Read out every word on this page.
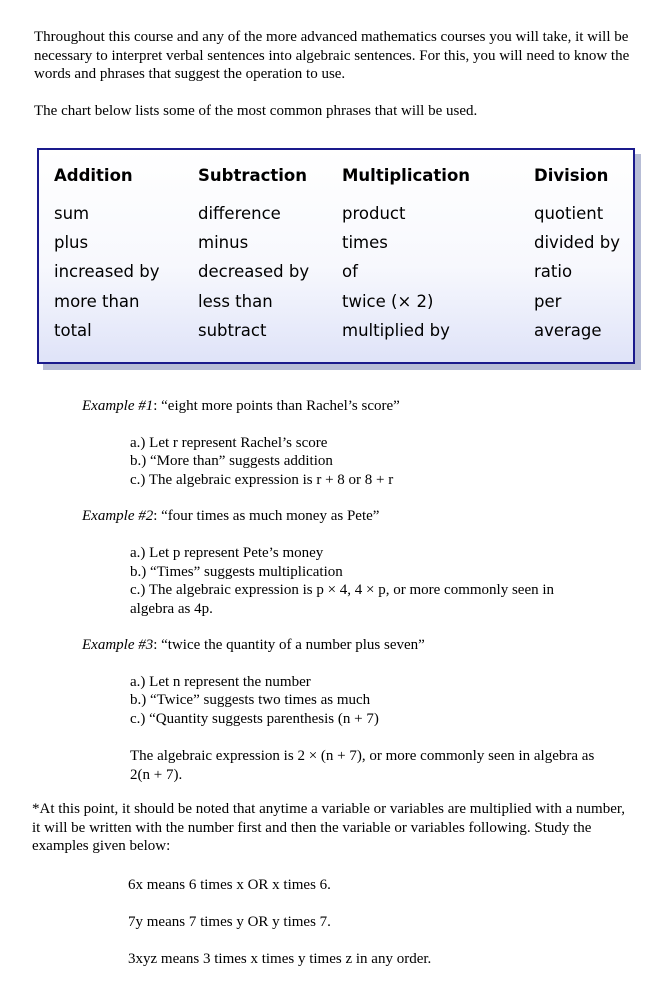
Throughout this course and any of the more advanced mathematics courses you will take, it will be necessary to interpret verbal sentences into algebraic sentences. For this, you will need to know the words and phrases that suggest the operation to use.

The chart below lists some of the most common phrases that will be used.

Addition
sum
plus
increased by
more than
total
Subtraction
difference
minus
decreased by
less than
subtract
Multiplication
product
times
of
twice (× 2)
multiplied by
Division
quotient
divided by
ratio
per
average
Example #1: “eight more points than Rachel’s score”
a.) Let r represent Rachel’s score
b.) “More than” suggests addition
c.) The algebraic expression is r + 8 or 8 + r
Example #2: “four times as much money as Pete”
a.) Let p represent Pete’s money
b.) “Times” suggests multiplication
c.) The algebraic expression is p × 4, 4 × p, or more commonly seen in algebra as 4p.
Example #3: “twice the quantity of a number plus seven”
a.) Let n represent the number
b.) “Twice” suggests two times as much
c.) “Quantity suggests parenthesis (n + 7)
The algebraic expression is 2 × (n + 7), or more commonly seen in algebra as 2(n + 7).
*At this point, it should be noted that anytime a variable or variables are multiplied with a number, it will be written with the number first and then the variable or variables following. Study the examples given below:
6x means 6 times x OR x times 6.
7y means 7 times y OR y times 7.
3xyz means 3 times x times y times z in any order.
